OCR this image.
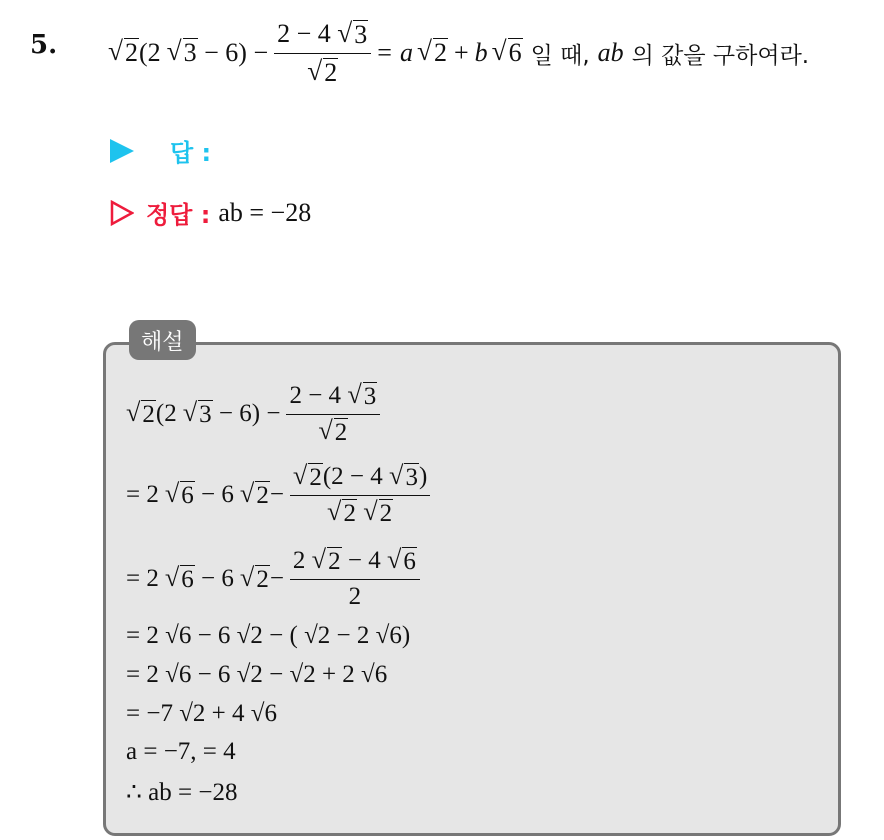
5. √ 2 (2 √ $3 - 6) - \frac{2 - 4 √ 3}{√ 2} = a$ √ 2 + b √ 6 일 때, ab 의 값을 구하여라.
답 :
정답 : ab = −28
해설
√ 2 (2 √ $3 - 6) - \frac{2 - 4 √ 3}{√ 2}$
= 2 √ 6 − 6 √ 2 − √ 2 (2 − 4 √ 3 )
√ 2
√ 2
= 2 √ 6 − 6 √ $2 - \frac{2 √ 2 - 4 √ 6}{2}$
= 2 √6 − 6 √2 − ( √2 − 2 √6)
= 2 √6 − 6 √2 − √2 + 2 √6
= −7 √2 + 4 √6
a = −7, = 4
∴ ab = −28
